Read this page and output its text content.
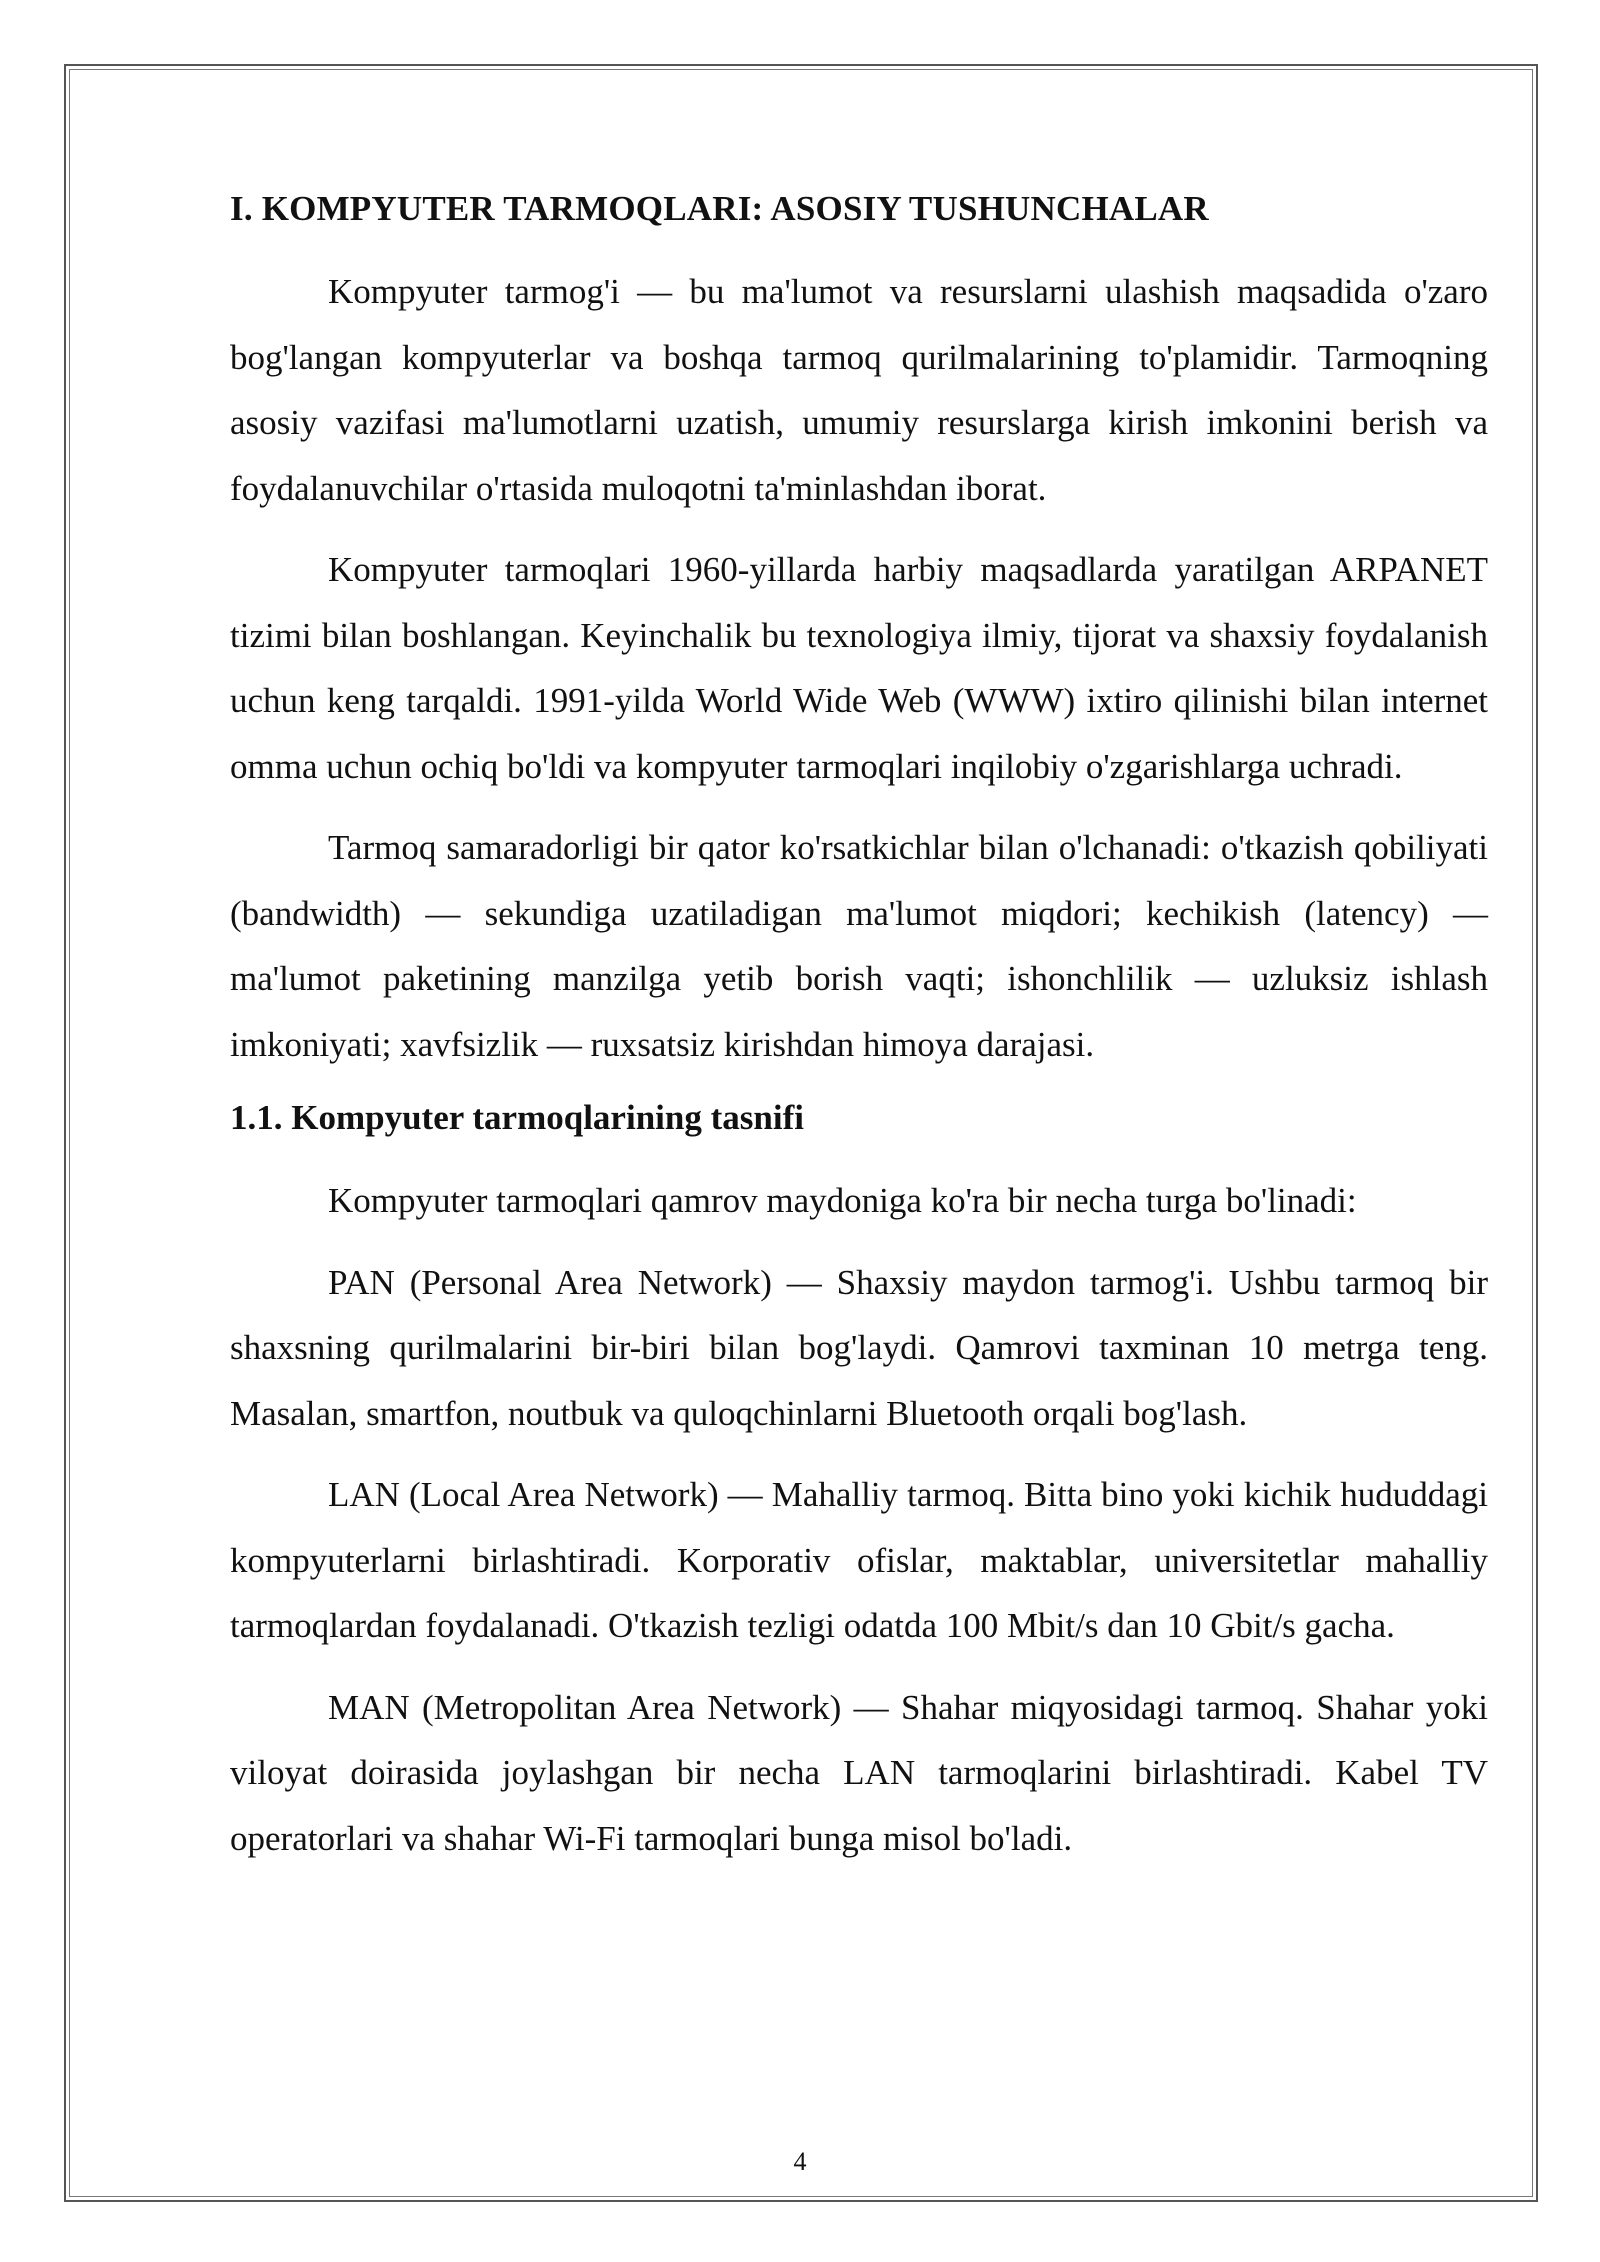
I. KOMPYUTER TARMOQLARI: ASOSIY TUSHUNCHALAR

Kompyuter tarmog'i — bu ma'lumot va resurslarni ulashish maqsadida o'zaro bog'langan kompyuterlar va boshqa tarmoq qurilmalarining to'plamidir. Tarmoqning asosiy vazifasi ma'lumotlarni uzatish, umumiy resurslarga kirish imkonini berish va foydalanuvchilar o'rtasida muloqotni ta'minlashdan iborat.

Kompyuter tarmoqlari 1960-yillarda harbiy maqsadlarda yaratilgan ARPANET tizimi bilan boshlangan. Keyinchalik bu texnologiya ilmiy, tijorat va shaxsiy foydalanish uchun keng tarqaldi. 1991-yilda World Wide Web (WWW) ixtiro qilinishi bilan internet omma uchun ochiq bo'ldi va kompyuter tarmoqlari inqilobiy o'zgarishlarga uchradi.

Tarmoq samaradorligi bir qator ko'rsatkichlar bilan o'lchanadi: o'tkazish qobiliyati (bandwidth) — sekundiga uzatiladigan ma'lumot miqdori; kechikish (latency) — ma'lumot paketining manzilga yetib borish vaqti; ishonchlilik — uzluksiz ishlash imkoniyati; xavfsizlik — ruxsatsiz kirishdan himoya darajasi.

1.1. Kompyuter tarmoqlarining tasnifi

Kompyuter tarmoqlari qamrov maydoniga ko'ra bir necha turga bo'linadi:

PAN (Personal Area Network) — Shaxsiy maydon tarmog'i. Ushbu tarmoq bir shaxsning qurilmalarini bir-biri bilan bog'laydi. Qamrovi taxminan 10 metrga teng. Masalan, smartfon, noutbuk va quloqchinlarni Bluetooth orqali bog'lash.

LAN (Local Area Network) — Mahalliy tarmoq. Bitta bino yoki kichik hududdagi kompyuterlarni birlashtiradi. Korporativ ofislar, maktablar, universitetlar mahalliy tarmoqlardan foydalanadi. O'tkazish tezligi odatda 100 Mbit/s dan 10 Gbit/s gacha.

MAN (Metropolitan Area Network) — Shahar miqyosidagi tarmoq. Shahar yoki viloyat doirasida joylashgan bir necha LAN tarmoqlarini birlashtiradi. Kabel TV operatorlari va shahar Wi-Fi tarmoqlari bunga misol bo'ladi.

4
